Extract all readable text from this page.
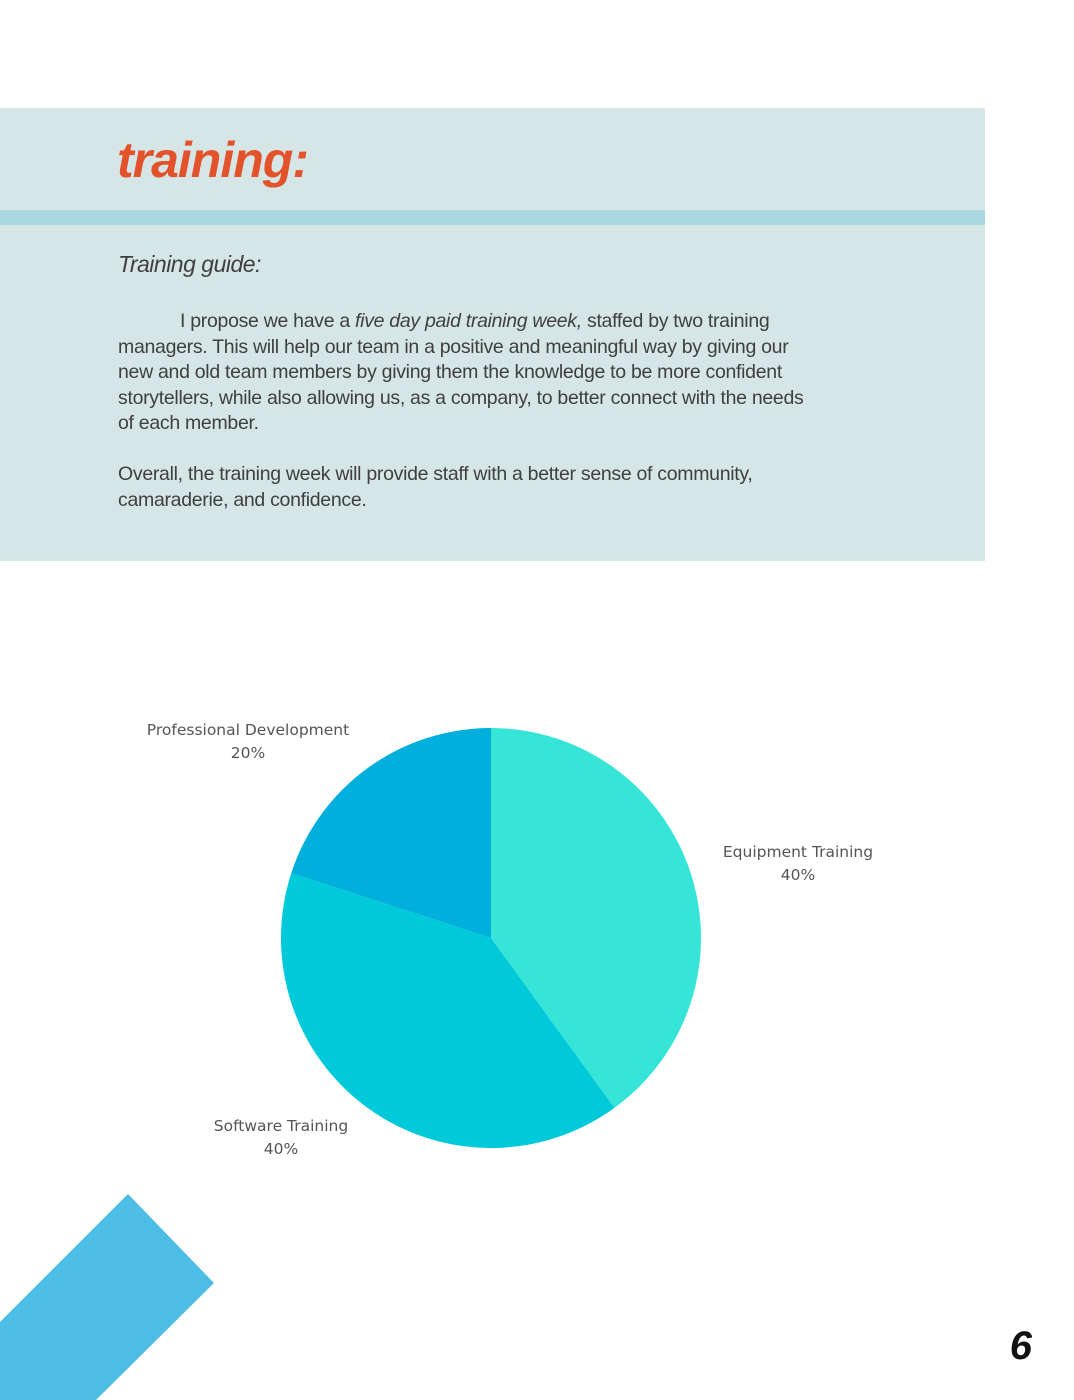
training:
Training guide:

I propose we have a five day paid training week, staffed by two training managers. This will help our team in a positive and meaningful way by giving our new and old team members by giving them the knowledge to be more confident storytellers, while also allowing us, as a company, to better connect with the needs of each member.

Overall, the training week will provide staff with a better sense of community, camaraderie, and confidence.

Equipment Training
40%
Software Training
40%
Professional Development
20%
6
